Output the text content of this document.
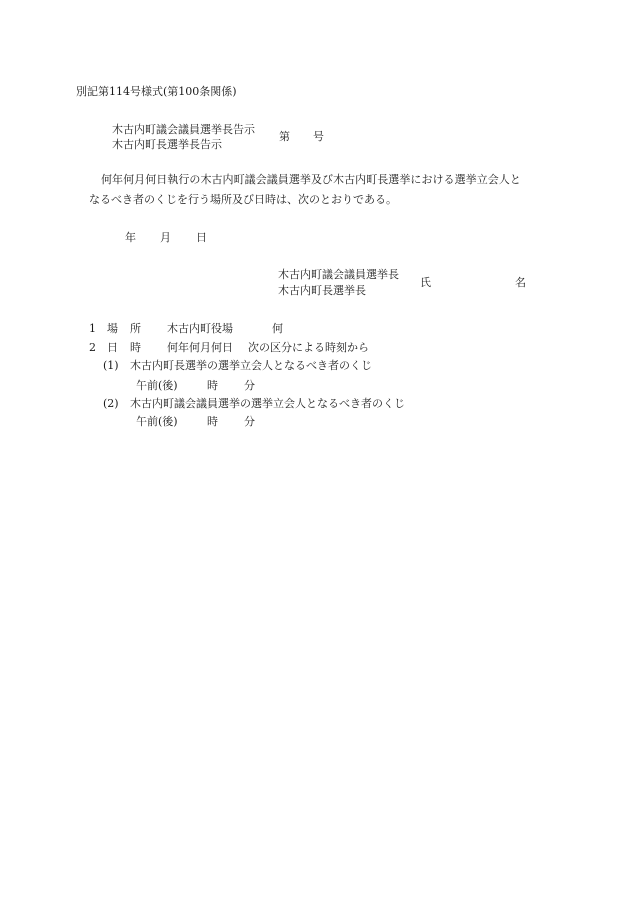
別記第114号様式(第100条関係)
木古内町議会議員選挙長告示
木古内町長選挙長告示
第 号
何年何月何日執行の木古内町議会議員選挙及び木古内町長選挙における選挙立会人と
なるべき者のくじを行う場所及び日時は、次のとおりである。
年 月 日
木古内町議会議員選挙長
木古内町長選挙長
氏	名
1 場 所 木古内町役場	何
2 日 時 何年何月何日 次の区分による時刻から
(1) 木古内町長選挙の選挙立会人となるべき者のくじ
午前(後)	時 分
(2) 木古内町議会議員選挙の選挙立会人となるべき者のくじ
午前(後)	時 分
